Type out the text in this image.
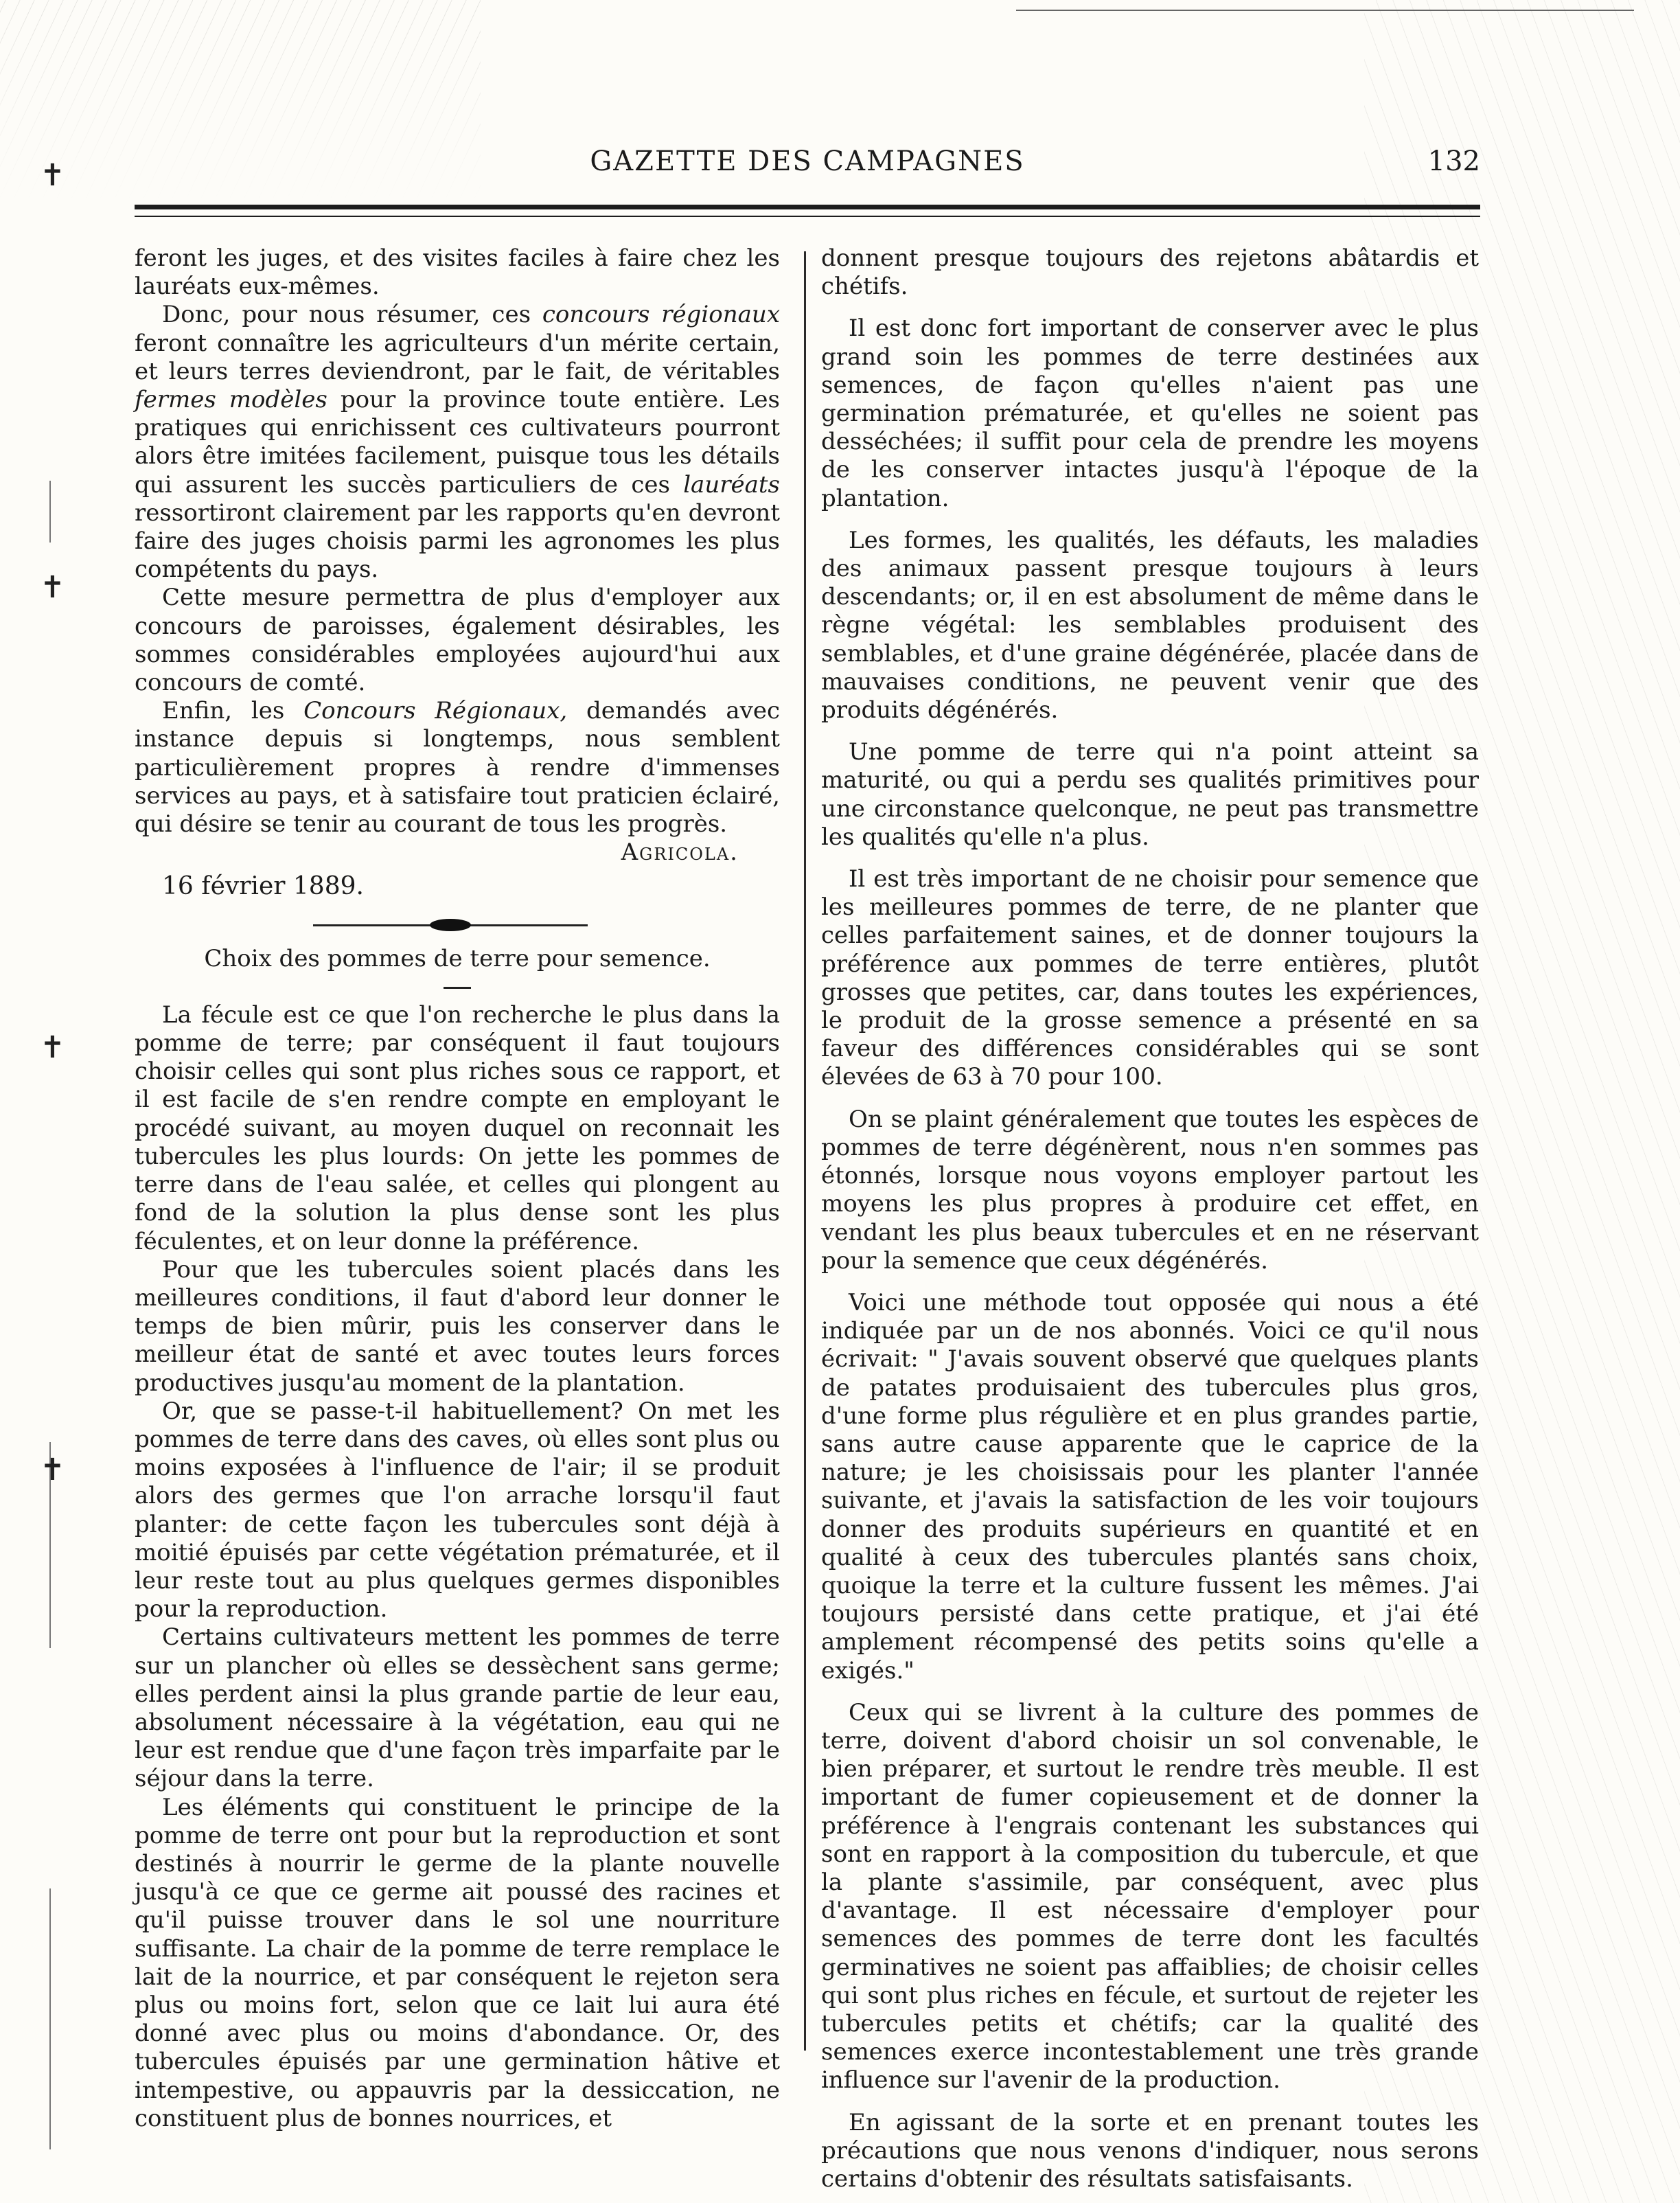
✝
✝
✝
✝
GAZETTE DES CAMPAGNES	132

feront les juges, et des visites faciles à faire chez les lauréats eux-mêmes.

Donc, pour nous résumer, ces concours régionaux feront connaître les agriculteurs d'un mérite certain, et leurs terres deviendront, par le fait, de véritables fermes modèles pour la province toute entière. Les pratiques qui enrichissent ces cultivateurs pourront alors être imitées facilement, puisque tous les détails qui assurent les succès particuliers de ces lauréats ressortiront clairement par les rapports qu'en devront faire des juges choisis parmi les agronomes les plus compétents du pays.

Cette mesure permettra de plus d'employer aux concours de paroisses, également désirables, les sommes considérables employées aujourd'hui aux concours de comté.

Enfin, les Concours Régionaux, demandés avec instance depuis si longtemps, nous semblent particulièrement propres à rendre d'immenses services au pays, et à satisfaire tout praticien éclairé, qui désire se tenir au courant de tous les progrès.

Agricola.

16 février 1889.

Choix des pommes de terre pour semence.

La fécule est ce que l'on recherche le plus dans la pomme de terre; par conséquent il faut toujours choisir celles qui sont plus riches sous ce rapport, et il est facile de s'en rendre compte en employant le procédé suivant, au moyen duquel on reconnait les tubercules les plus lourds: On jette les pommes de terre dans de l'eau salée, et celles qui plongent au fond de la solution la plus dense sont les plus féculentes, et on leur donne la préférence.

Pour que les tubercules soient placés dans les meilleures conditions, il faut d'abord leur donner le temps de bien mûrir, puis les conserver dans le meilleur état de santé et avec toutes leurs forces productives jusqu'au moment de la plantation.

Or, que se passe-t-il habituellement? On met les pommes de terre dans des caves, où elles sont plus ou moins exposées à l'influence de l'air; il se produit alors des germes que l'on arrache lorsqu'il faut planter: de cette façon les tubercules sont déjà à moitié épuisés par cette végétation prématurée, et il leur reste tout au plus quelques germes disponibles pour la reproduction.

Certains cultivateurs mettent les pommes de terre sur un plancher où elles se dessèchent sans germe; elles perdent ainsi la plus grande partie de leur eau, absolument nécessaire à la végétation, eau qui ne leur est rendue que d'une façon très imparfaite par le séjour dans la terre.

Les éléments qui constituent le principe de la pomme de terre ont pour but la reproduction et sont destinés à nourrir le germe de la plante nouvelle jusqu'à ce que ce germe ait poussé des racines et qu'il puisse trouver dans le sol une nourriture suffisante. La chair de la pomme de terre remplace le lait de la nourrice, et par conséquent le rejeton sera plus ou moins fort, selon que ce lait lui aura été donné avec plus ou moins d'abondance. Or, des tubercules épuisés par une germination hâtive et intempestive, ou appauvris par la dessiccation, ne constituent plus de bonnes nourrices, et

donnent presque toujours des rejetons abâtardis et chétifs.

Il est donc fort important de conserver avec le plus grand soin les pommes de terre destinées aux semences, de façon qu'elles n'aient pas une germination prématurée, et qu'elles ne soient pas desséchées; il suffit pour cela de prendre les moyens de les conserver intactes jusqu'à l'époque de la plantation.

Les formes, les qualités, les défauts, les maladies des animaux passent presque toujours à leurs descendants; or, il en est absolument de même dans le règne végétal: les semblables produisent des semblables, et d'une graine dégénérée, placée dans de mauvaises conditions, ne peuvent venir que des produits dégénérés.

Une pomme de terre qui n'a point atteint sa maturité, ou qui a perdu ses qualités primitives pour une circonstance quelconque, ne peut pas transmettre les qualités qu'elle n'a plus.

Il est très important de ne choisir pour semence que les meilleures pommes de terre, de ne planter que celles parfaitement saines, et de donner toujours la préférence aux pommes de terre entières, plutôt grosses que petites, car, dans toutes les expériences, le produit de la grosse semence a présenté en sa faveur des différences considérables qui se sont élevées de 63 à 70 pour 100.

On se plaint généralement que toutes les espèces de pommes de terre dégénèrent, nous n'en sommes pas étonnés, lorsque nous voyons employer partout les moyens les plus propres à produire cet effet, en vendant les plus beaux tubercules et en ne réservant pour la semence que ceux dégénérés.

Voici une méthode tout opposée qui nous a été indiquée par un de nos abonnés. Voici ce qu'il nous écrivait: " J'avais souvent observé que quelques plants de patates produisaient des tubercules plus gros, d'une forme plus régulière et en plus grandes partie, sans autre cause apparente que le caprice de la nature; je les choisissais pour les planter l'année suivante, et j'avais la satisfaction de les voir toujours donner des produits supérieurs en quantité et en qualité à ceux des tubercules plantés sans choix, quoique la terre et la culture fussent les mêmes. J'ai toujours persisté dans cette pratique, et j'ai été amplement récompensé des petits soins qu'elle a exigés."

Ceux qui se livrent à la culture des pommes de terre, doivent d'abord choisir un sol convenable, le bien préparer, et surtout le rendre très meuble. Il est important de fumer copieusement et de donner la préférence à l'engrais contenant les substances qui sont en rapport à la composition du tubercule, et que la plante s'assimile, par conséquent, avec plus d'avantage. Il est nécessaire d'employer pour semences des pommes de terre dont les facultés germinatives ne soient pas affaiblies; de choisir celles qui sont plus riches en fécule, et surtout de rejeter les tubercules petits et chétifs; car la qualité des semences exerce incontestablement une très grande influence sur l'avenir de la production.

En agissant de la sorte et en prenant toutes les précautions que nous venons d'indiquer, nous serons certains d'obtenir des résultats satisfaisants.
